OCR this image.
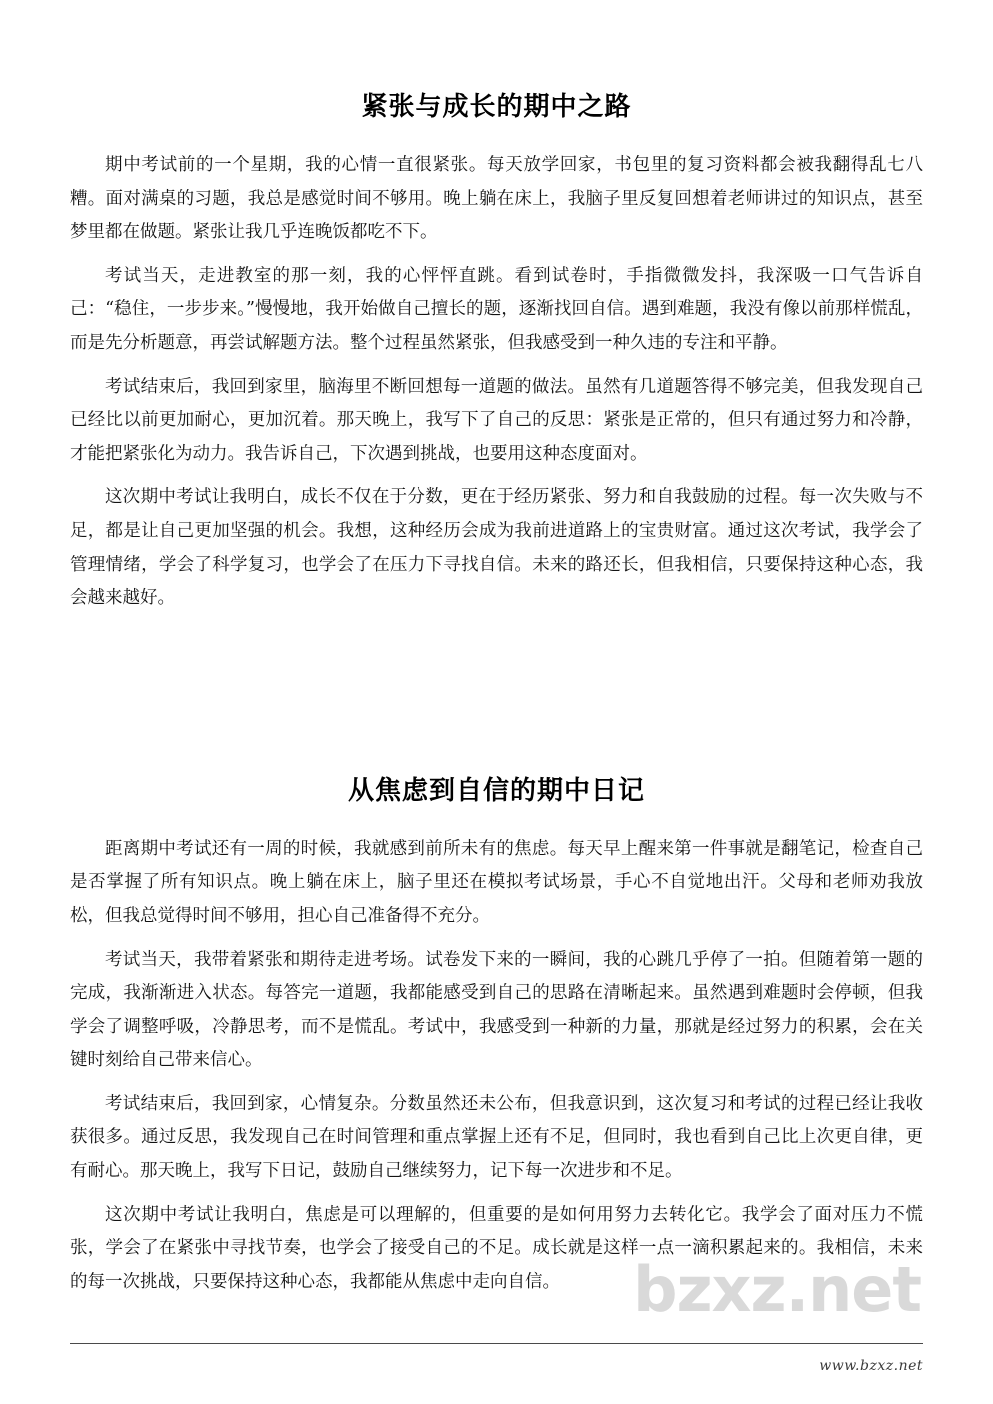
紧张与成长的期中之路

期中考试前的一个星期，我的心情一直很紧张。每天放学回家，书包里的复习资料都会被我翻得乱七八糟。面对满桌的习题，我总是感觉时间不够用。晚上躺在床上，我脑子里反复回想着老师讲过的知识点，甚至梦里都在做题。紧张让我几乎连晚饭都吃不下。

考试当天，走进教室的那一刻，我的心怦怦直跳。看到试卷时，手指微微发抖，我深吸一口气告诉自己：“稳住，一步步来。”慢慢地，我开始做自己擅长的题，逐渐找回自信。遇到难题，我没有像以前那样慌乱，而是先分析题意，再尝试解题方法。整个过程虽然紧张，但我感受到一种久违的专注和平静。

考试结束后，我回到家里，脑海里不断回想每一道题的做法。虽然有几道题答得不够完美，但我发现自己已经比以前更加耐心，更加沉着。那天晚上，我写下了自己的反思：紧张是正常的，但只有通过努力和冷静，才能把紧张化为动力。我告诉自己，下次遇到挑战，也要用这种态度面对。

这次期中考试让我明白，成长不仅在于分数，更在于经历紧张、努力和自我鼓励的过程。每一次失败与不足，都是让自己更加坚强的机会。我想，这种经历会成为我前进道路上的宝贵财富。通过这次考试，我学会了管理情绪，学会了科学复习，也学会了在压力下寻找自信。未来的路还长，但我相信，只要保持这种心态，我会越来越好。

从焦虑到自信的期中日记

距离期中考试还有一周的时候，我就感到前所未有的焦虑。每天早上醒来第一件事就是翻笔记，检查自己是否掌握了所有知识点。晚上躺在床上，脑子里还在模拟考试场景，手心不自觉地出汗。父母和老师劝我放松，但我总觉得时间不够用，担心自己准备得不充分。

考试当天，我带着紧张和期待走进考场。试卷发下来的一瞬间，我的心跳几乎停了一拍。但随着第一题的完成，我渐渐进入状态。每答完一道题，我都能感受到自己的思路在清晰起来。虽然遇到难题时会停顿，但我学会了调整呼吸，冷静思考，而不是慌乱。考试中，我感受到一种新的力量，那就是经过努力的积累，会在关键时刻给自己带来信心。

考试结束后，我回到家，心情复杂。分数虽然还未公布，但我意识到，这次复习和考试的过程已经让我收获很多。通过反思，我发现自己在时间管理和重点掌握上还有不足，但同时，我也看到自己比上次更自律，更有耐心。那天晚上，我写下日记，鼓励自己继续努力，记下每一次进步和不足。

这次期中考试让我明白，焦虑是可以理解的，但重要的是如何用努力去转化它。我学会了面对压力不慌张，学会了在紧张中寻找节奏，也学会了接受自己的不足。成长就是这样一点一滴积累起来的。我相信，未来的每一次挑战，只要保持这种心态，我都能从焦虑中走向自信。	bzxz.net
www.bzxz.net
